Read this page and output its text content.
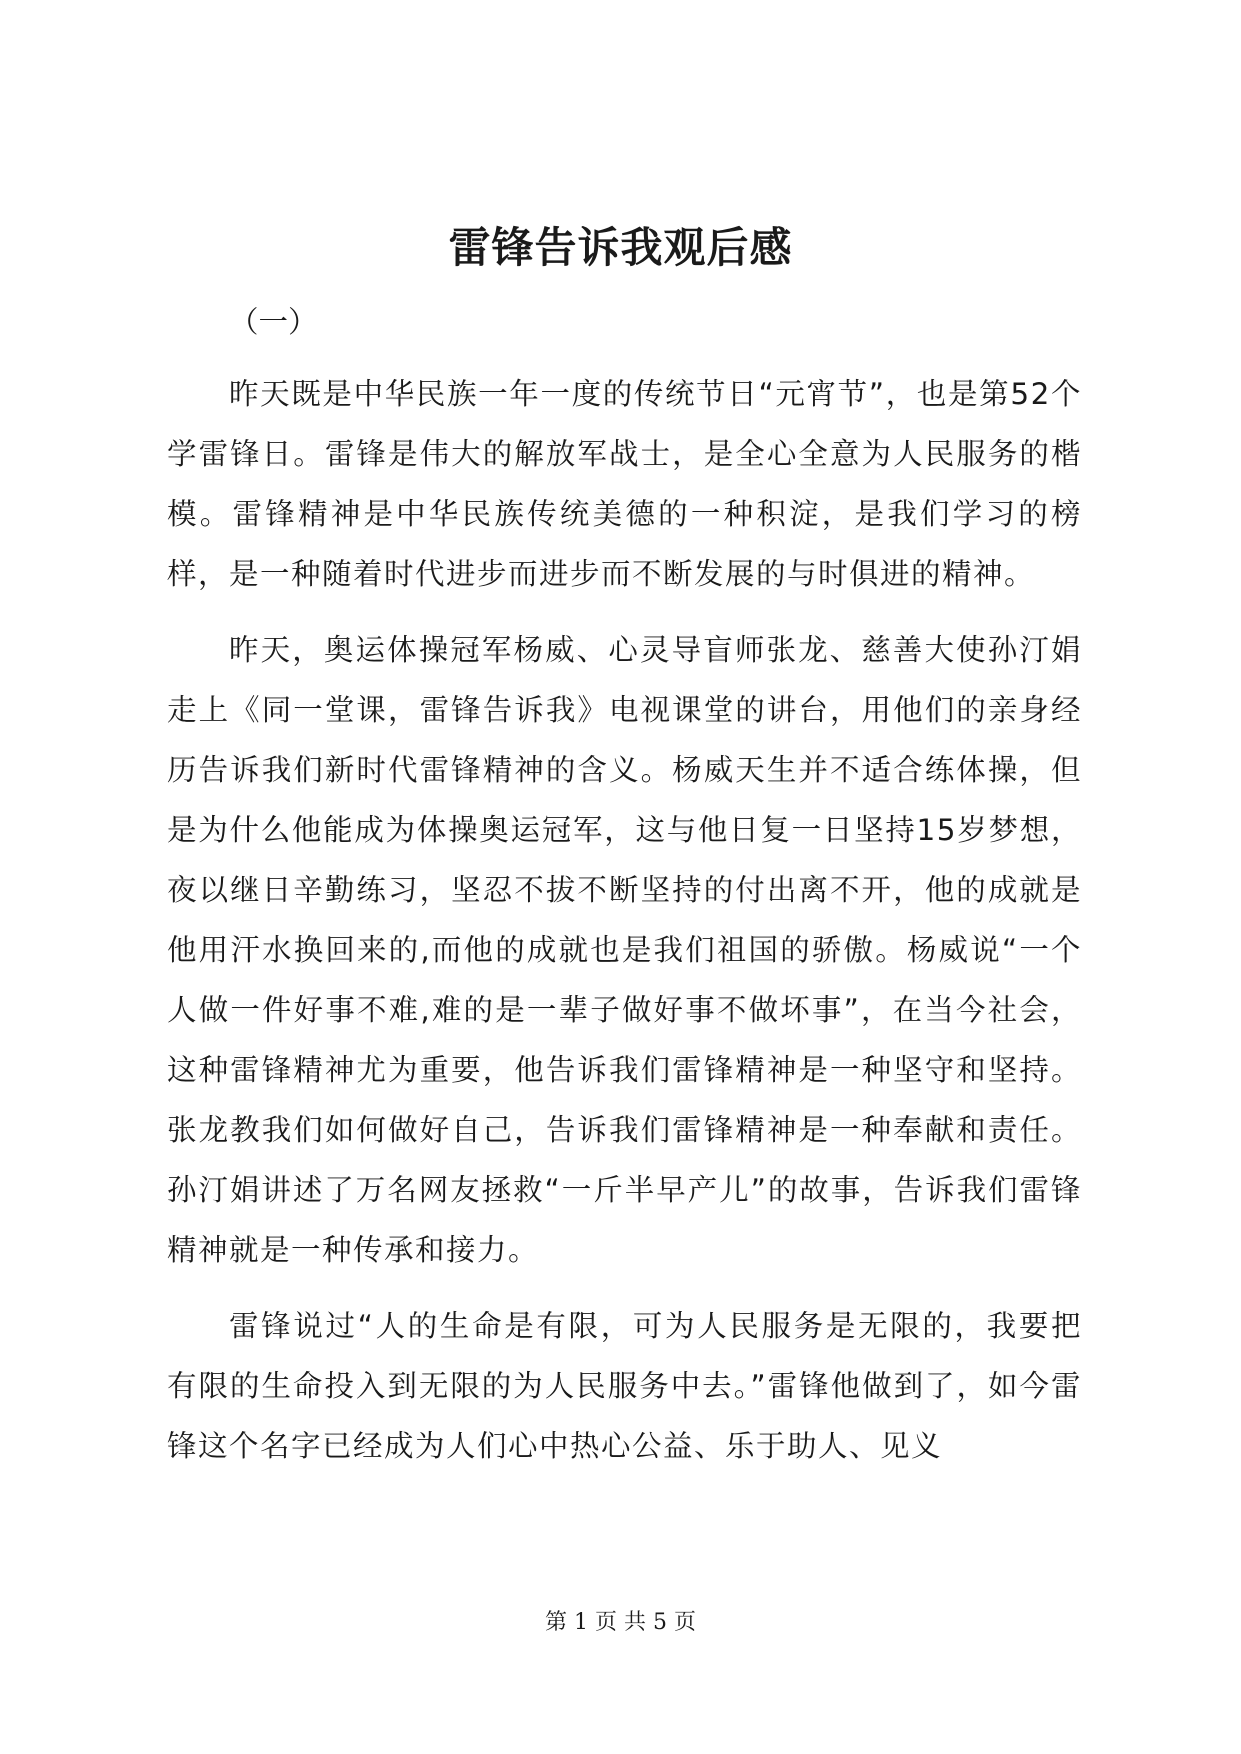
雷锋告诉我观后感
（一）

昨天既是中华民族一年一度的传统节日“元宵节”，也是第52个学雷锋日。雷锋是伟大的解放军战士，是全心全意为人民服务的楷模。雷锋精神是中华民族传统美德的一种积淀，是我们学习的榜样，是一种随着时代进步而进步而不断发展的与时俱进的精神。

昨天，奥运体操冠军杨威、心灵导盲师张龙、慈善大使孙汀娟走上《同一堂课，雷锋告诉我》电视课堂的讲台，用他们的亲身经历告诉我们新时代雷锋精神的含义。杨威天生并不适合练体操，但是为什么他能成为体操奥运冠军，这与他日复一日坚持15岁梦想，夜以继日辛勤练习，坚忍不拔不断坚持的付出离不开，他的成就是他用汗水换回来的,而他的成就也是我们祖国的骄傲。杨威说“一个人做一件好事不难,难的是一辈子做好事不做坏事”，在当今社会，这种雷锋精神尤为重要，他告诉我们雷锋精神是一种坚守和坚持。张龙教我们如何做好自己，告诉我们雷锋精神是一种奉献和责任。孙汀娟讲述了万名网友拯救“一斤半早产儿”的故事，告诉我们雷锋精神就是一种传承和接力。

雷锋说过“人的生命是有限，可为人民服务是无限的，我要把有限的生命投入到无限的为人民服务中去。”雷锋他做到了，如今雷锋这个名字已经成为人们心中热心公益、乐于助人、见义

第 1 页 共 5 页
